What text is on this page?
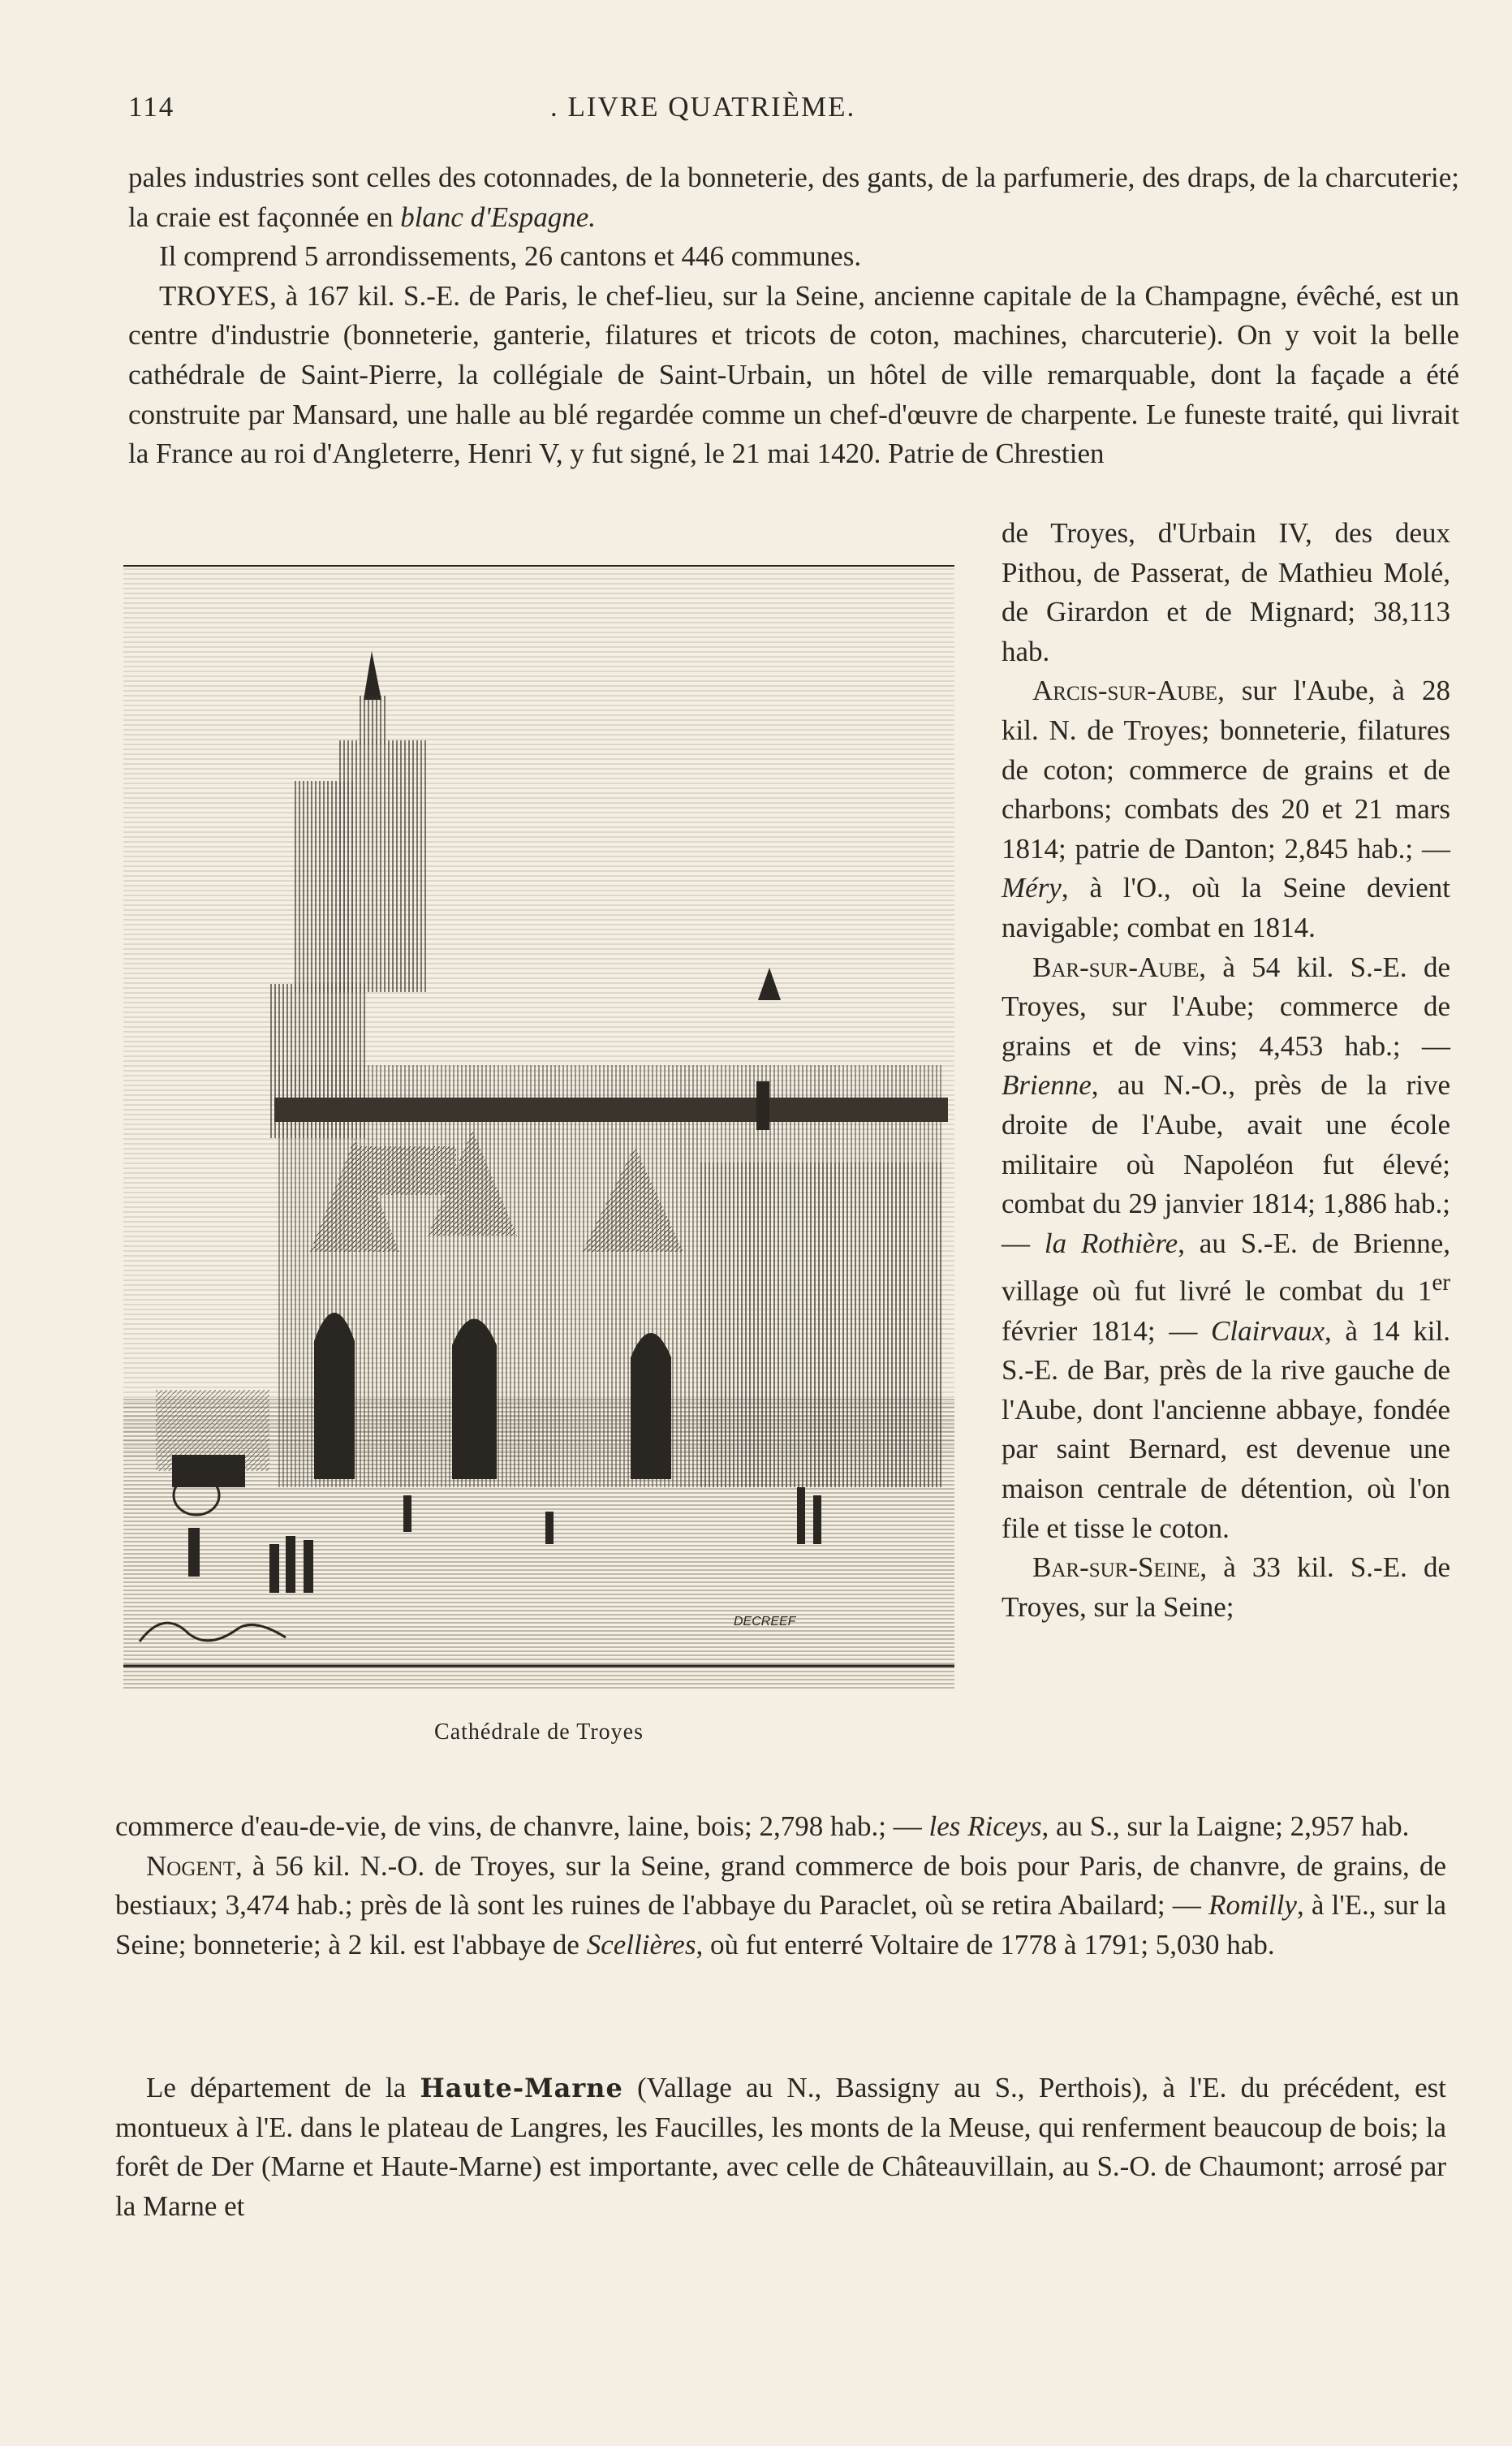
114	. LIVRE QUATRIÈME.

pales industries sont celles des cotonnades, de la bonneterie, des gants, de la parfumerie, des draps, de la charcuterie; la craie est façonnée en blanc d'Espagne.

Il comprend 5 arrondissements, 26 cantons et 446 communes.

TROYES, à 167 kil. S.-E. de Paris, le chef-lieu, sur la Seine, ancienne capitale de la Champagne, évêché, est un centre d'industrie (bonneterie, ganterie, filatures et tricots de coton, machines, charcuterie). On y voit la belle cathédrale de Saint-Pierre, la collégiale de Saint-Urbain, un hôtel de ville remarquable, dont la façade a été construite par Mansard, une halle au blé regardée comme un chef-d'œuvre de charpente. Le funeste traité, qui livrait la France au roi d'Angleterre, Henri V, y fut signé, le 21 mai 1420. Patrie de Chrestien

DECREEF
Cathédrale de Troyes

de Troyes, d'Urbain IV, des deux Pithou, de Passerat, de Mathieu Molé, de Girardon et de Mignard; 38,113 hab.

Arcis-sur-Aube, sur l'Aube, à 28 kil. N. de Troyes; bonneterie, filatures de coton; commerce de grains et de charbons; combats des 20 et 21 mars 1814; patrie de Danton; 2,845 hab.; — Méry, à l'O., où la Seine devient navigable; combat en 1814.

Bar-sur-Aube, à 54 kil. S.-E. de Troyes, sur l'Aube; commerce de grains et de vins; 4,453 hab.; — Brienne, au N.-O., près de la rive droite de l'Aube, avait une école militaire où Napoléon fut élevé; combat du 29 janvier 1814; 1,886 hab.; — la Rothière, au S.-E. de Brienne, village où fut livré le combat du 1er février 1814; — Clairvaux, à 14 kil. S.-E. de Bar, près de la rive gauche de l'Aube, dont l'ancienne abbaye, fondée par saint Bernard, est devenue une maison centrale de détention, où l'on file et tisse le coton.

Bar-sur-Seine, à 33 kil. S.-E. de Troyes, sur la Seine;

commerce d'eau-de-vie, de vins, de chanvre, laine, bois; 2,798 hab.; — les Riceys, au S., sur la Laigne; 2,957 hab.

Nogent, à 56 kil. N.-O. de Troyes, sur la Seine, grand commerce de bois pour Paris, de chanvre, de grains, de bestiaux; 3,474 hab.; près de là sont les ruines de l'abbaye du Paraclet, où se retira Abailard; — Romilly, à l'E., sur la Seine; bonneterie; à 2 kil. est l'abbaye de Scellières, où fut enterré Voltaire de 1778 à 1791; 5,030 hab.

Le département de la Haute-Marne (Vallage au N., Bassigny au S., Perthois), à l'E. du précédent, est montueux à l'E. dans le plateau de Langres, les Faucilles, les monts de la Meuse, qui renferment beaucoup de bois; la forêt de Der (Marne et Haute-Marne) est importante, avec celle de Châteauvillain, au S.-O. de Chaumont; arrosé par la Marne et
